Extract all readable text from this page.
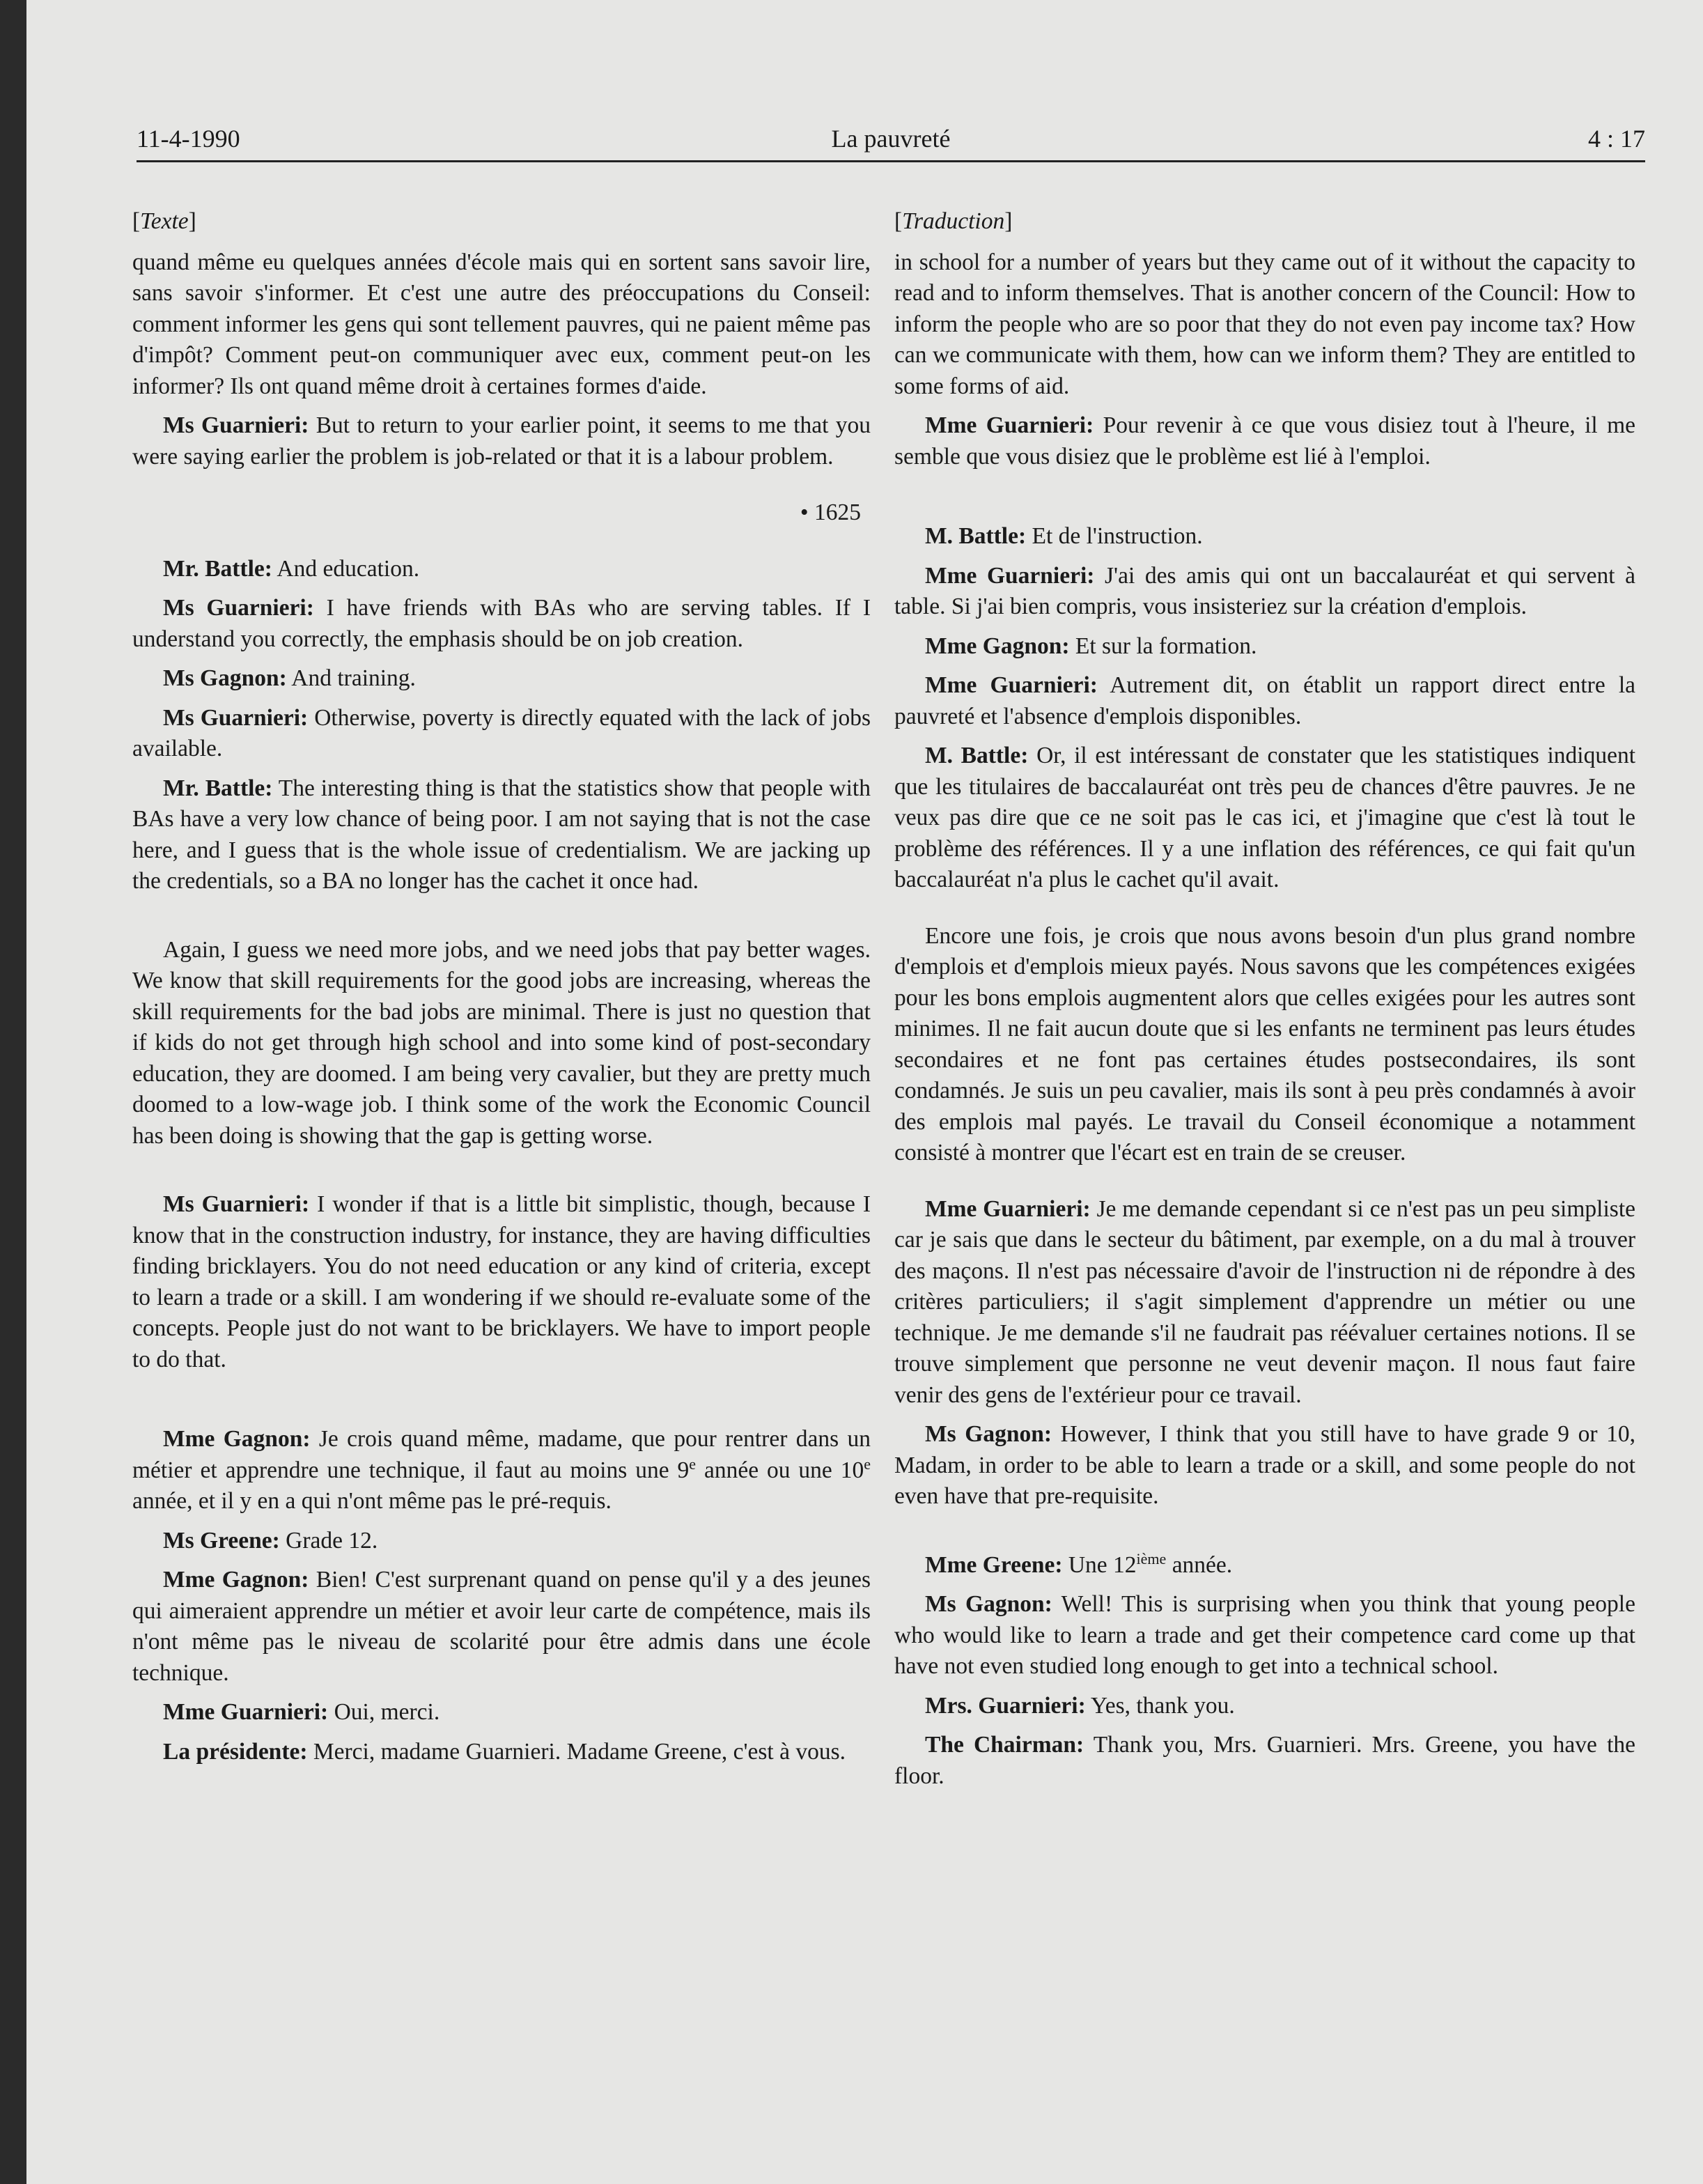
11-4-1990	La pauvreté	4 : 17
[Texte]

quand même eu quelques années d'école mais qui en sortent sans savoir lire, sans savoir s'informer. Et c'est une autre des préoccupations du Conseil: comment informer les gens qui sont tellement pauvres, qui ne paient même pas d'impôt? Comment peut-on communiquer avec eux, comment peut-on les informer? Ils ont quand même droit à certaines formes d'aide.

Ms Guarnieri: But to return to your earlier point, it seems to me that you were saying earlier the problem is job-related or that it is a labour problem.

• 1625

Mr. Battle: And education.

Ms Guarnieri: I have friends with BAs who are serving tables. If I understand you correctly, the emphasis should be on job creation.

Ms Gagnon: And training.

Ms Guarnieri: Otherwise, poverty is directly equated with the lack of jobs available.

Mr. Battle: The interesting thing is that the statistics show that people with BAs have a very low chance of being poor. I am not saying that is not the case here, and I guess that is the whole issue of credentialism. We are jacking up the credentials, so a BA no longer has the cachet it once had.

Again, I guess we need more jobs, and we need jobs that pay better wages. We know that skill requirements for the good jobs are increasing, whereas the skill requirements for the bad jobs are minimal. There is just no question that if kids do not get through high school and into some kind of post-secondary education, they are doomed. I am being very cavalier, but they are pretty much doomed to a low-wage job. I think some of the work the Economic Council has been doing is showing that the gap is getting worse.

Ms Guarnieri: I wonder if that is a little bit simplistic, though, because I know that in the construction industry, for instance, they are having difficulties finding bricklayers. You do not need education or any kind of criteria, except to learn a trade or a skill. I am wondering if we should re-evaluate some of the concepts. People just do not want to be bricklayers. We have to import people to do that.

Mme Gagnon: Je crois quand même, madame, que pour rentrer dans un métier et apprendre une technique, il faut au moins une 9e année ou une 10e année, et il y en a qui n'ont même pas le pré-requis.

Ms Greene: Grade 12.

Mme Gagnon: Bien! C'est surprenant quand on pense qu'il y a des jeunes qui aimeraient apprendre un métier et avoir leur carte de compétence, mais ils n'ont même pas le niveau de scolarité pour être admis dans une école technique.

Mme Guarnieri: Oui, merci.

La présidente: Merci, madame Guarnieri. Madame Greene, c'est à vous.

[Traduction]

in school for a number of years but they came out of it without the capacity to read and to inform themselves. That is another concern of the Council: How to inform the people who are so poor that they do not even pay income tax? How can we communicate with them, how can we inform them? They are entitled to some forms of aid.

Mme Guarnieri: Pour revenir à ce que vous disiez tout à l'heure, il me semble que vous disiez que le problème est lié à l'emploi.

M. Battle: Et de l'instruction.

Mme Guarnieri: J'ai des amis qui ont un baccalauréat et qui servent à table. Si j'ai bien compris, vous insisteriez sur la création d'emplois.

Mme Gagnon: Et sur la formation.

Mme Guarnieri: Autrement dit, on établit un rapport direct entre la pauvreté et l'absence d'emplois disponibles.

M. Battle: Or, il est intéressant de constater que les statistiques indiquent que les titulaires de baccalauréat ont très peu de chances d'être pauvres. Je ne veux pas dire que ce ne soit pas le cas ici, et j'imagine que c'est là tout le problème des références. Il y a une inflation des références, ce qui fait qu'un baccalauréat n'a plus le cachet qu'il avait.

Encore une fois, je crois que nous avons besoin d'un plus grand nombre d'emplois et d'emplois mieux payés. Nous savons que les compétences exigées pour les bons emplois augmentent alors que celles exigées pour les autres sont minimes. Il ne fait aucun doute que si les enfants ne terminent pas leurs études secondaires et ne font pas certaines études postsecondaires, ils sont condamnés. Je suis un peu cavalier, mais ils sont à peu près condamnés à avoir des emplois mal payés. Le travail du Conseil économique a notamment consisté à montrer que l'écart est en train de se creuser.

Mme Guarnieri: Je me demande cependant si ce n'est pas un peu simpliste car je sais que dans le secteur du bâtiment, par exemple, on a du mal à trouver des maçons. Il n'est pas nécessaire d'avoir de l'instruction ni de répondre à des critères particuliers; il s'agit simplement d'apprendre un métier ou une technique. Je me demande s'il ne faudrait pas réévaluer certaines notions. Il se trouve simplement que personne ne veut devenir maçon. Il nous faut faire venir des gens de l'extérieur pour ce travail.

Ms Gagnon: However, I think that you still have to have grade 9 or 10, Madam, in order to be able to learn a trade or a skill, and some people do not even have that pre-requisite.

Mme Greene: Une 12ième année.

Ms Gagnon: Well! This is surprising when you think that young people who would like to learn a trade and get their competence card come up that have not even studied long enough to get into a technical school.

Mrs. Guarnieri: Yes, thank you.

The Chairman: Thank you, Mrs. Guarnieri. Mrs. Greene, you have the floor.
